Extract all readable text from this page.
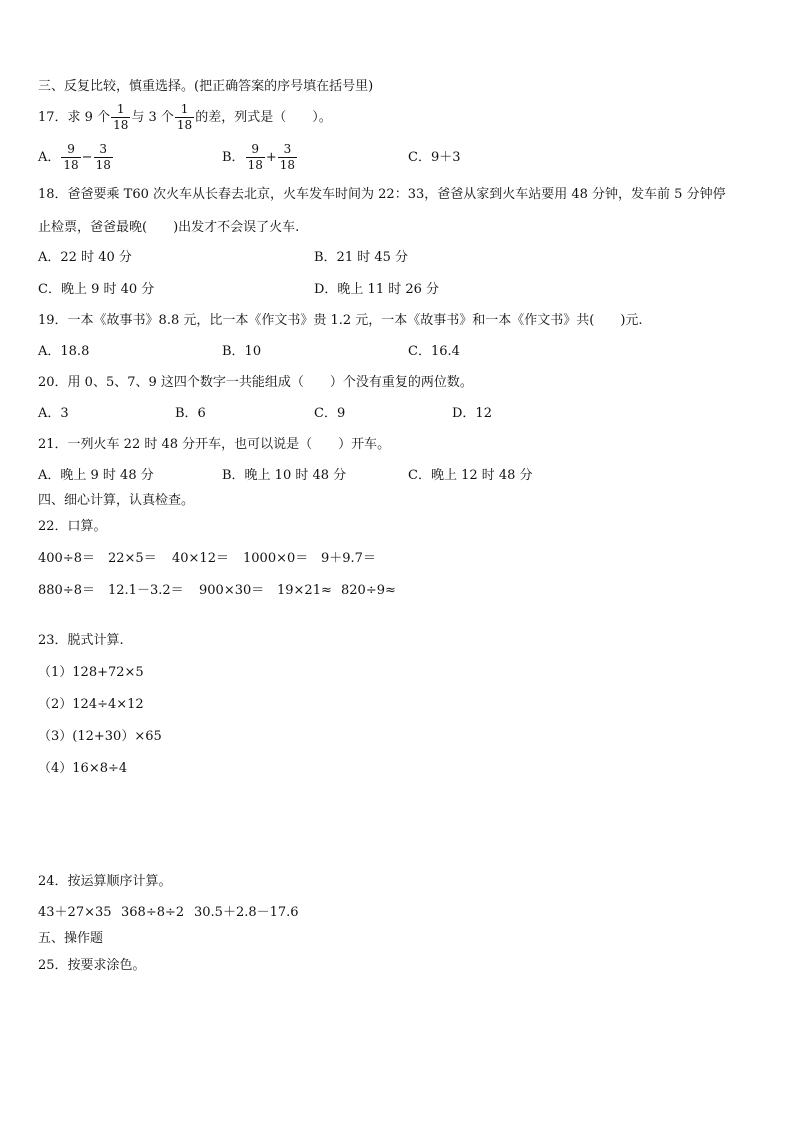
三、反复比较，慎重选择。(把正确答案的序号填在括号里)
17．求 9 个 $\frac{1}{18}$ 与 3 个 $\frac{1}{18}$ 的差，列式是（　　）。
A． $\frac{9}{18} - \frac{3}{18}$	B． $\frac{9}{18} + \frac{3}{18}$	C．9＋3
18．爸爸要乘 T60 次火车从长春去北京，火车发车时间为 22：33，爸爸从家到火车站要用 48 分钟，发车前 5 分钟停
止检票，爸爸最晚(　　)出发才不会误了火车.
A．22 时 40 分	B．21 时 45 分
C．晚上 9 时 40 分	D．晚上 11 时 26 分
19．一本《故事书》8.8 元，比一本《作文书》贵 1.2 元，一本《故事书》和一本《作文书》共(　　)元.
A．18.8	B．10	C．16.4
20．用 0、5、7、9 这四个数字一共能组成（　　）个没有重复的两位数。
A．3	B．6	C．9	D．12
21．一列火车 22 时 48 分开车，也可以说是（　　）开车。
A．晚上 9 时 48 分	B．晚上 10 时 48 分	C．晚上 12 时 48 分
四、细心计算，认真检查。
22．口算。
400÷8＝ 22×5＝ 40×12＝ 1000×0＝ 9＋9.7＝
880÷8＝ 12.1－3.2＝ 900×30＝ 19×21≈ 820÷9≈
23．脱式计算.
（1）128+72×5
（2）124÷4×12
（3）(12+30）×65
（4）16×8÷4
24．按运算顺序计算。
43＋27×35 368÷8÷2 30.5＋2.8－17.6
五、操作题
25．按要求涂色。
